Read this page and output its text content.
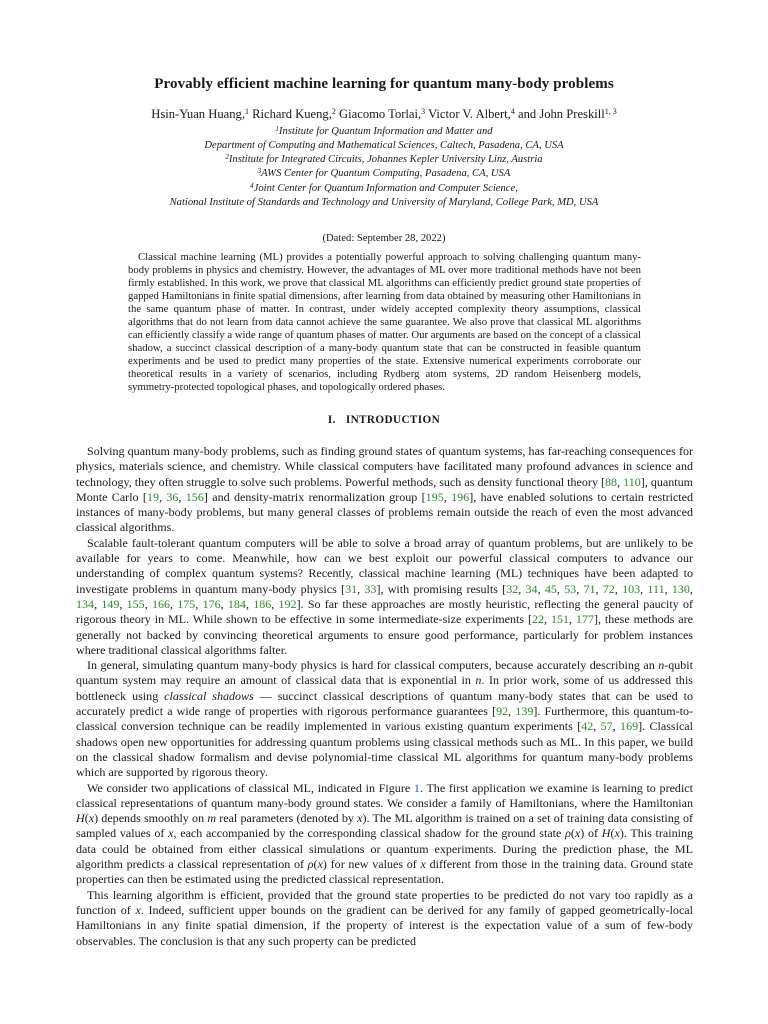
Provably efficient machine learning for quantum many-body problems
Hsin-Yuan Huang,$^1$ Richard Kueng,$^2$ Giacomo Torlai,$^3$ Victor V. Albert,$^4$ and John Preskill$^{1, 3}$
$^1$Institute for Quantum Information and Matter and
Department of Computing and Mathematical Sciences, Caltech, Pasadena, CA, USA
$^2$Institute for Integrated Circuits, Johannes Kepler University Linz, Austria
$^3$AWS Center for Quantum Computing, Pasadena, CA, USA
$^4$Joint Center for Quantum Information and Computer Science,
National Institute of Standards and Technology and University of Maryland, College Park, MD, USA
(Dated: September 28, 2022)

Classical machine learning (ML) provides a potentially powerful approach to solving challenging quantum many-body problems in physics and chemistry. However, the advantages of ML over more traditional methods have not been firmly established. In this work, we prove that classical ML algorithms can efficiently predict ground state properties of gapped Hamiltonians in finite spatial dimensions, after learning from data obtained by measuring other Hamiltonians in the same quantum phase of matter. In contrast, under widely accepted complexity theory assumptions, classical algorithms that do not learn from data cannot achieve the same guarantee. We also prove that classical ML algorithms can efficiently classify a wide range of quantum phases of matter. Our arguments are based on the concept of a classical shadow, a succinct classical description of a many-body quantum state that can be constructed in feasible quantum experiments and be used to predict many properties of the state. Extensive numerical experiments corroborate our theoretical results in a variety of scenarios, including Rydberg atom systems, 2D random Heisenberg models, symmetry-protected topological phases, and topologically ordered phases.

I. INTRODUCTION

Solving quantum many-body problems, such as finding ground states of quantum systems, has far-reaching consequences for physics, materials science, and chemistry. While classical computers have facilitated many profound advances in science and technology, they often struggle to solve such problems. Powerful methods, such as density functional theory [88, 110], quantum Monte Carlo [19, 36, 156] and density-matrix renormalization group [195, 196], have enabled solutions to certain restricted instances of many-body problems, but many general classes of problems remain outside the reach of even the most advanced classical algorithms.

Scalable fault-tolerant quantum computers will be able to solve a broad array of quantum problems, but are unlikely to be available for years to come. Meanwhile, how can we best exploit our powerful classical computers to advance our understanding of complex quantum systems? Recently, classical machine learning (ML) techniques have been adapted to investigate problems in quantum many-body physics [31, 33], with promising results [32, 34, 45, 53, 71, 72, 103, 111, 130, 134, 149, 155, 166, 175, 176, 184, 186, 192]. So far these approaches are mostly heuristic, reflecting the general paucity of rigorous theory in ML. While shown to be effective in some intermediate-size experiments [22, 151, 177], these methods are generally not backed by convincing theoretical arguments to ensure good performance, particularly for problem instances where traditional classical algorithms falter.

In general, simulating quantum many-body physics is hard for classical computers, because accurately describing an n-qubit quantum system may require an amount of classical data that is exponential in n. In prior work, some of us addressed this bottleneck using classical shadows — succinct classical descriptions of quantum many-body states that can be used to accurately predict a wide range of properties with rigorous performance guarantees [92, 139]. Furthermore, this quantum-to-classical conversion technique can be readily implemented in various existing quantum experiments [42, 57, 169]. Classical shadows open new opportunities for addressing quantum problems using classical methods such as ML. In this paper, we build on the classical shadow formalism and devise polynomial-time classical ML algorithms for quantum many-body problems which are supported by rigorous theory.

We consider two applications of classical ML, indicated in Figure 1. The first application we examine is learning to predict classical representations of quantum many-body ground states. We consider a family of Hamiltonians, where the Hamiltonian H(x) depends smoothly on m real parameters (denoted by x). The ML algorithm is trained on a set of training data consisting of sampled values of x, each accompanied by the corresponding classical shadow for the ground state ρ(x) of H(x). This training data could be obtained from either classical simulations or quantum experiments. During the prediction phase, the ML algorithm predicts a classical representation of ρ(x) for new values of x different from those in the training data. Ground state properties can then be estimated using the predicted classical representation.

This learning algorithm is efficient, provided that the ground state properties to be predicted do not vary too rapidly as a function of x. Indeed, sufficient upper bounds on the gradient can be derived for any family of gapped geometrically-local Hamiltonians in any finite spatial dimension, if the property of interest is the expectation value of a sum of few-body observables. The conclusion is that any such property can be predicted
